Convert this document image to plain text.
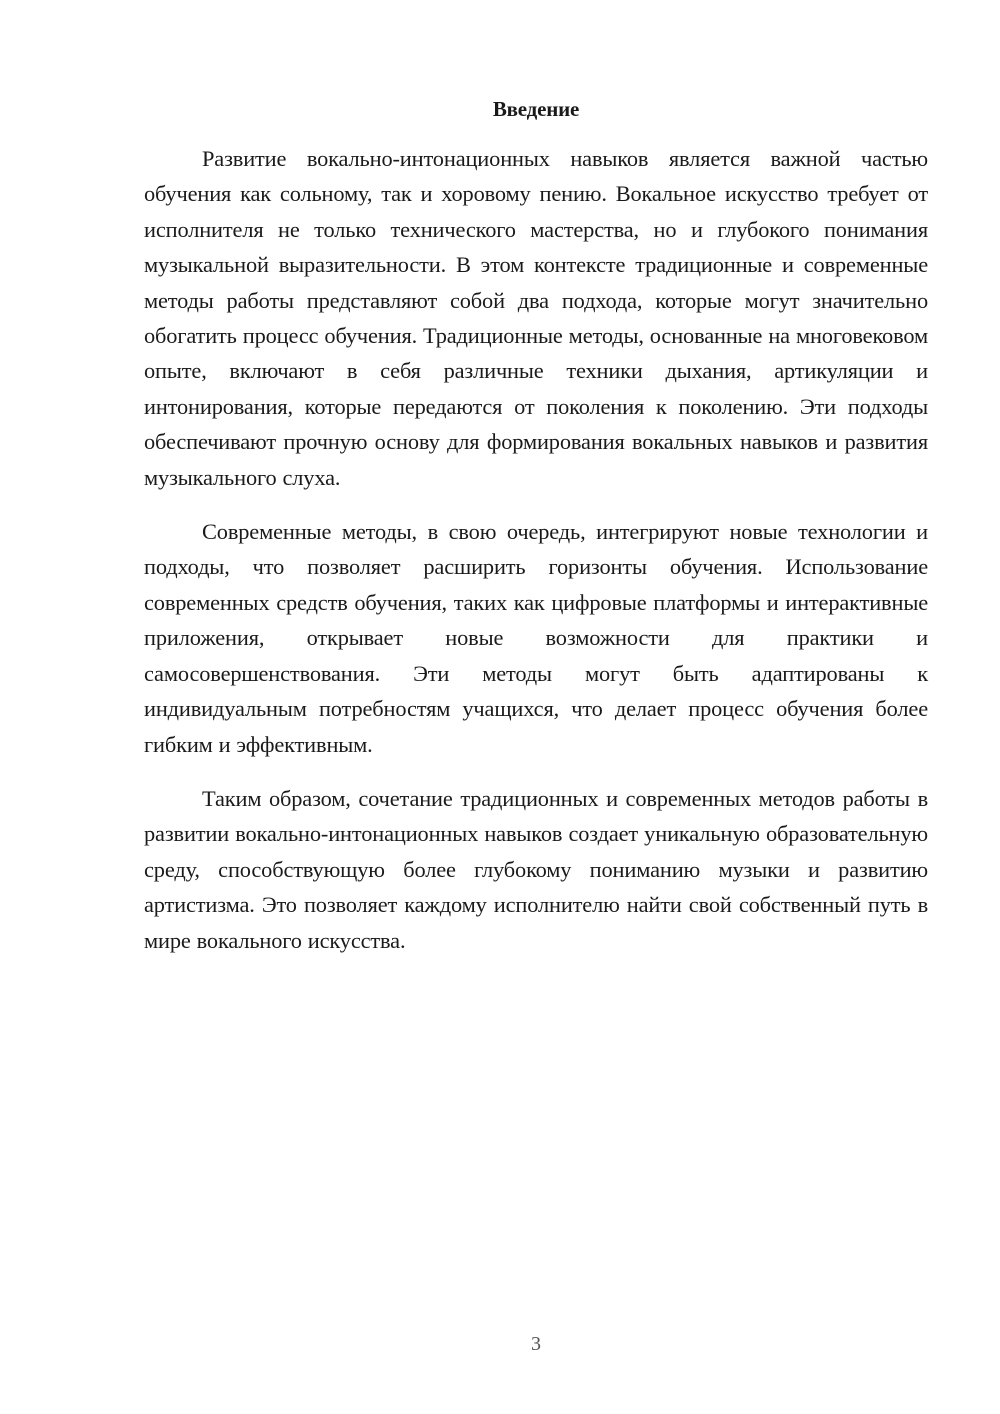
Введение

Развитие вокально-интонационных навыков является важной частью обучения как сольному, так и хоровому пению. Вокальное искусство требует от исполнителя не только технического мастерства, но и глубокого понимания музыкальной выразительности. В этом контексте традиционные и современные методы работы представляют собой два подхода, которые могут значительно обогатить процесс обучения. Традиционные методы, основанные на многовековом опыте, включают в себя различные техники дыхания, артикуляции и интонирования, которые передаются от поколения к поколению. Эти подходы обеспечивают прочную основу для формирования вокальных навыков и развития музыкального слуха.

Современные методы, в свою очередь, интегрируют новые технологии и подходы, что позволяет расширить горизонты обучения. Использование современных средств обучения, таких как цифровые платформы и интерактивные приложения, открывает новые возможности для практики и самосовершенствования. Эти методы могут быть адаптированы к индивидуальным потребностям учащихся, что делает процесс обучения более гибким и эффективным.

Таким образом, сочетание традиционных и современных методов работы в развитии вокально-интонационных навыков создает уникальную образовательную среду, способствующую более глубокому пониманию музыки и развитию артистизма. Это позволяет каждому исполнителю найти свой собственный путь в мире вокального искусства.

3
